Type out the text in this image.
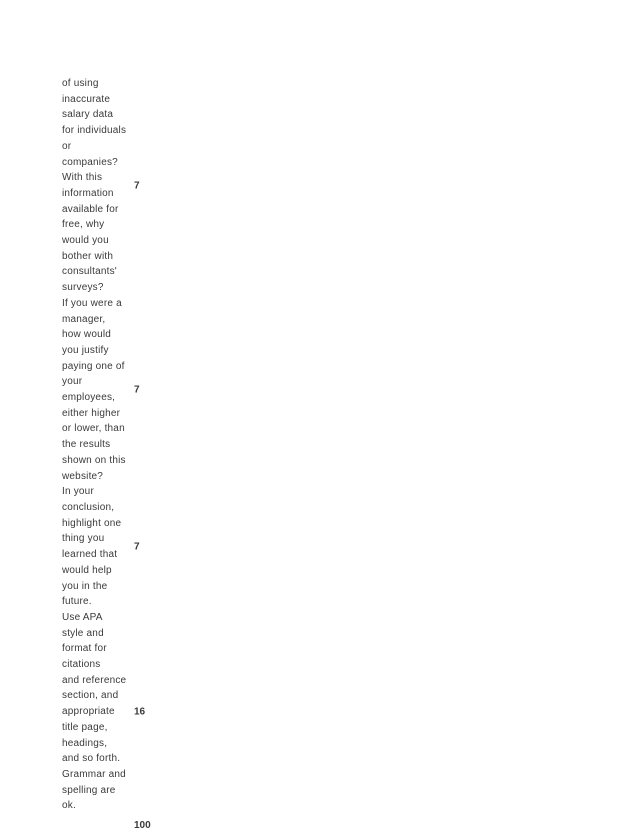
of using
inaccurate
salary data
for individuals
or
companies?
With this
information
available for
free, why
would you
bother with
consultants'
surveys?
7
If you were a
manager,
how would
you justify
paying one of
your
employees,
either higher
or lower, than
the results
shown on this
website?
7
In your
conclusion,
highlight one
thing you
learned that
would help
you in the
future.
7
Use APA
style and
format for
citations
and reference
section, and
appropriate
title page,
headings,
and so forth.
Grammar and
spelling are
ok.
16
100
